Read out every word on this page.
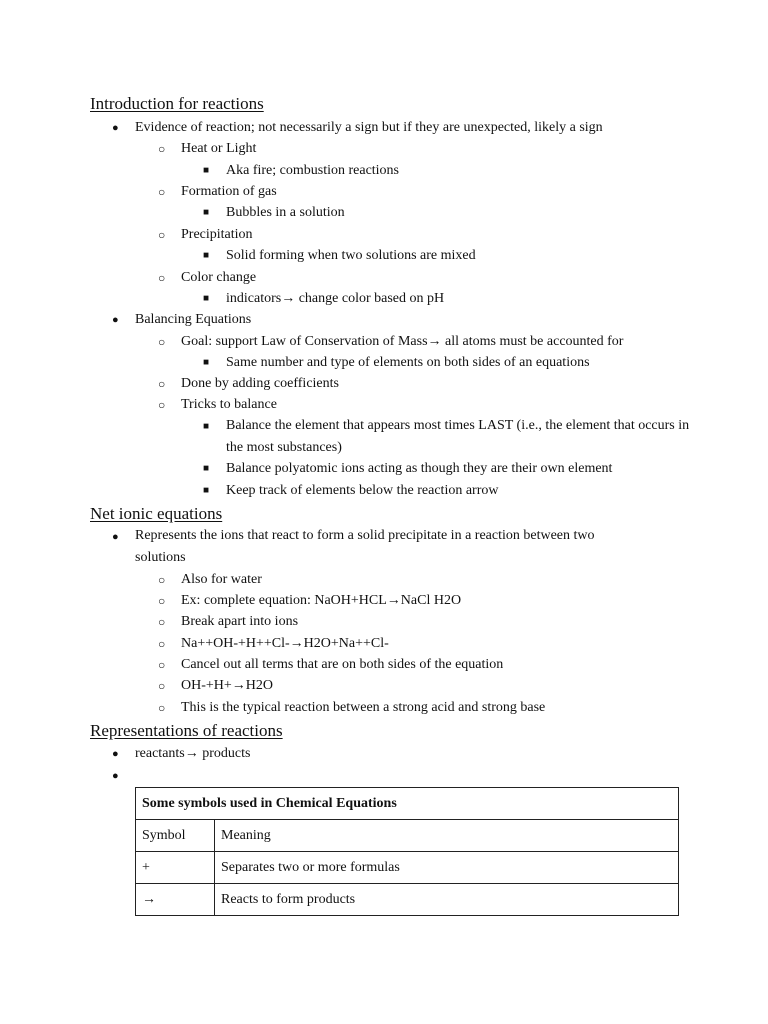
Introduction for reactions
● Evidence of reaction; not necessarily a sign but if they are unexpected, likely a sign
○ Heat or Light
■ Aka fire; combustion reactions
○ Formation of gas
■ Bubbles in a solution
○ Precipitation
■ Solid forming when two solutions are mixed
○ Color change
■ indicators→ change color based on pH
● Balancing Equations
○ Goal: support Law of Conservation of Mass→ all atoms must be accounted for
■ Same number and type of elements on both sides of an equations
○ Done by adding coefficients
○ Tricks to balance
■ Balance the element that appears most times LAST (i.e., the element that occurs in the most substances)
■ Balance polyatomic ions acting as though they are their own element
■ Keep track of elements below the reaction arrow
Net ionic equations
● Represents the ions that react to form a solid precipitate in a reaction between two solutions
○ Also for water
○ Ex: complete equation: NaOH+HCL→NaCl H2O
○ Break apart into ions
○ Na++OH-+H++Cl-→H2O+Na++Cl-
○ Cancel out all terms that are on both sides of the equation
○ OH-+H+→H2O
○ This is the typical reaction between a strong acid and strong base
Representations of reactions
● reactants→ products
●
Some symbols used in Chemical Equations	
Symbol	Meaning
+	Separates two or more formulas
→	Reacts to form products
